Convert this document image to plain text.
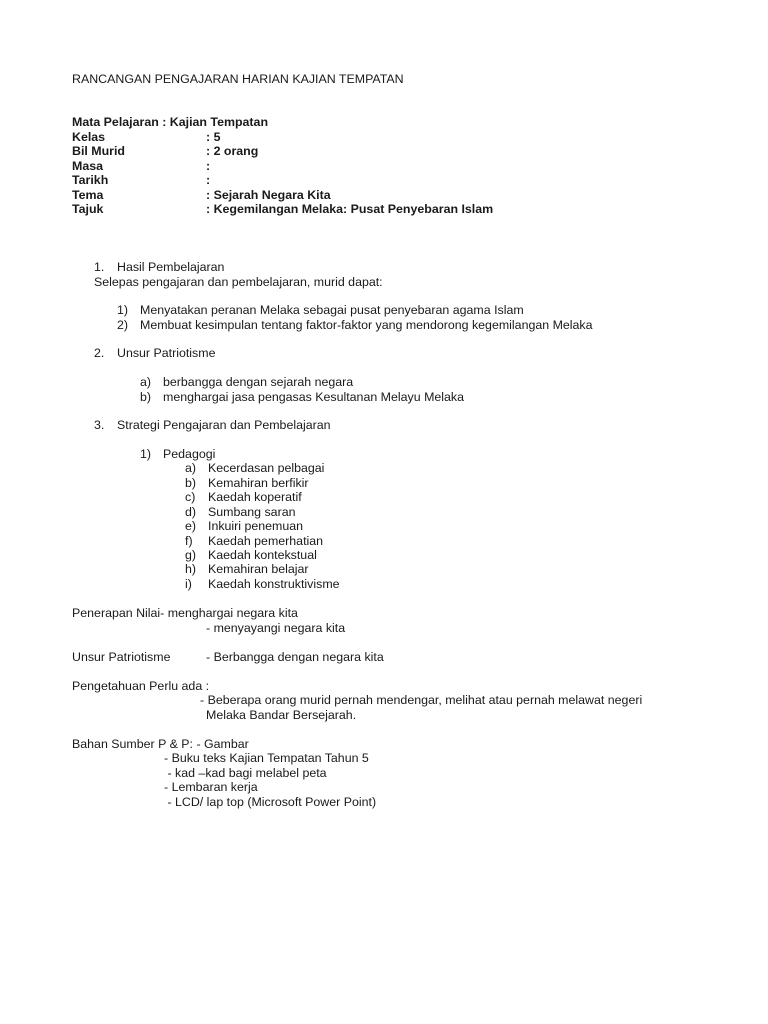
RANCANGAN PENGAJARAN HARIAN KAJIAN TEMPATAN
Mata Pelajaran : Kajian Tempatan
Kelas	: 5
Bil Murid	: 2 orang
Masa	:
Tarikh	:
Tema	: Sejarah Negara Kita
Tajuk	: Kegemilangan Melaka: Pusat Penyebaran Islam
1. Hasil Pembelajaran
Selepas pengajaran dan pembelajaran, murid dapat:
1) Menyatakan peranan Melaka sebagai pusat penyebaran agama Islam
2) Membuat kesimpulan tentang faktor-faktor yang mendorong kegemilangan Melaka
2. Unsur Patriotisme
a) berbangga dengan sejarah negara
b) menghargai jasa pengasas Kesultanan Melayu Melaka
3. Strategi Pengajaran dan Pembelajaran
1) Pedagogi
a) Kecerdasan pelbagai
b) Kemahiran berfikir
c) Kaedah koperatif
d) Sumbang saran
e) Inkuiri penemuan
f) Kaedah pemerhatian
g) Kaedah kontekstual
h) Kemahiran belajar
i) Kaedah konstruktivisme
Penerapan Nilai- menghargai negara kita
- menyayangi negara kita
Unsur Patriotisme	- Berbangga dengan negara kita
Pengetahuan Perlu ada :
- Beberapa orang murid pernah mendengar, melihat atau pernah melawat negeri
Melaka Bandar Bersejarah.
Bahan Sumber P & P: - Gambar
- Buku teks Kajian Tempatan Tahun 5
- kad –kad bagi melabel peta
- Lembaran kerja
- LCD/ lap top (Microsoft Power Point)
